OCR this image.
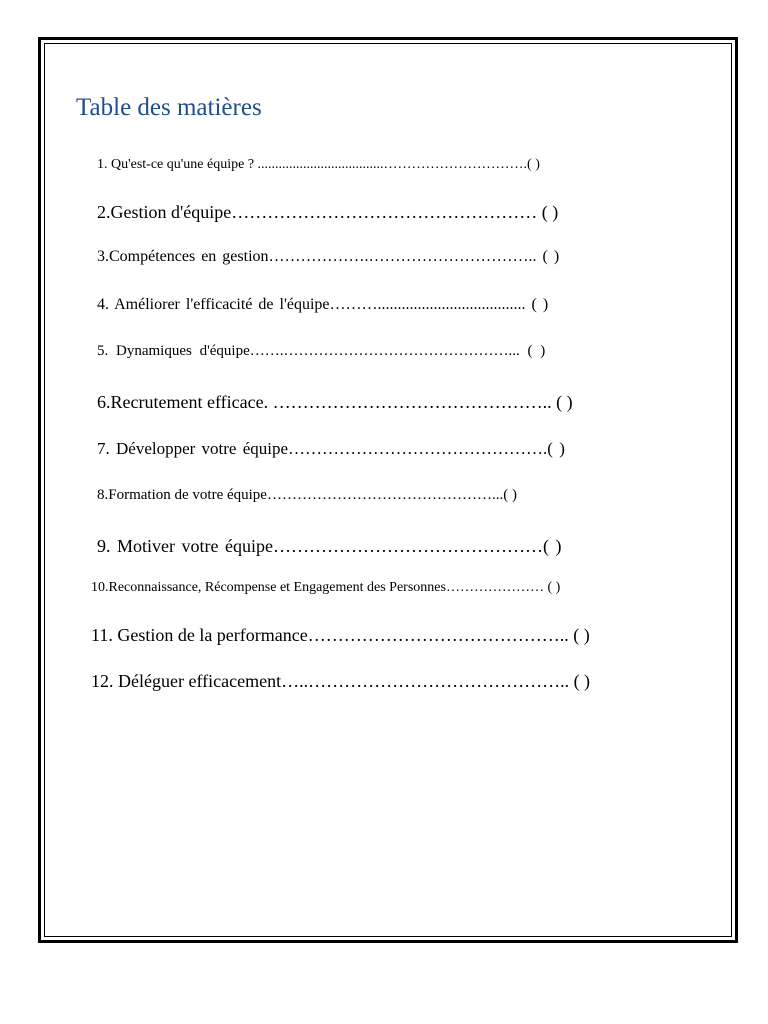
Table des matières
1. Qu'est-ce qu'une équipe ? ....................................………………………….( )
2.Gestion d'équipe…………………………………………… ( )
3.Compétences en gestion……………….………………………….. ( )
4. Améliorer l'efficacité de l'équipe………..................................... ( )
5. Dynamiques d'équipe…….………………………………………... ( )
6.Recrutement efficace. ……………………………………….. ( )
7. Développer votre équipe……………………………………….( )
8.Formation de votre équipe………………………………………...( )
9. Motiver votre équipe………………………………………( )
10.Reconnaissance, Récompense et Engagement des Personnes………………… ( )
11. Gestion de la performance…………………………………….. ( )
12. Déléguer efficacement…..…………………………………….. ( )
